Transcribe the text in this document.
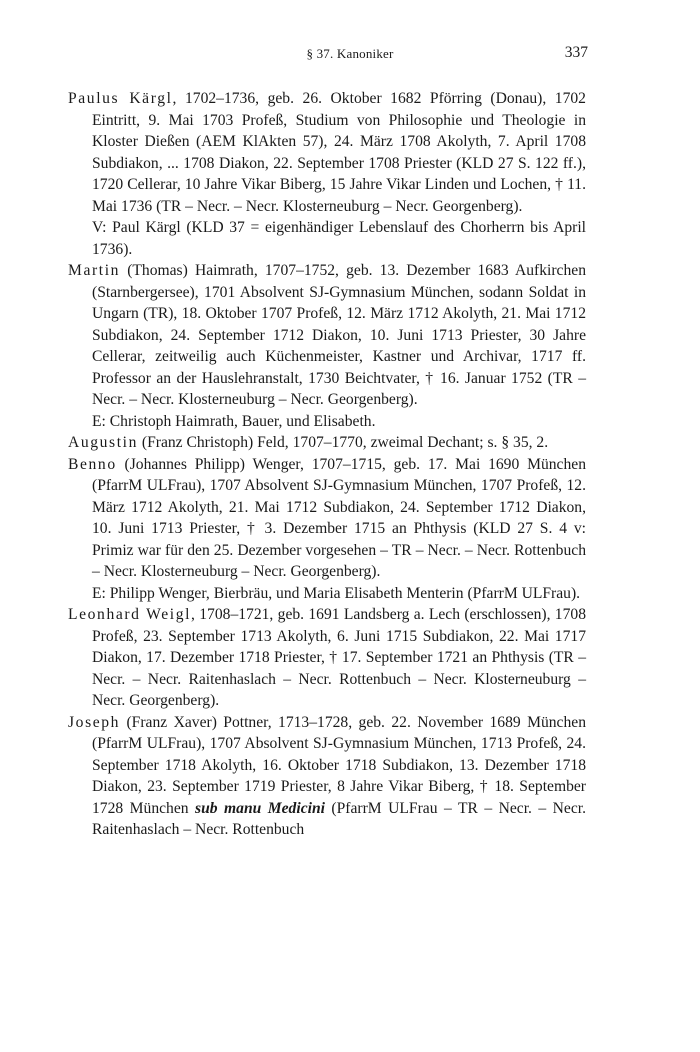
§ 37. Kanoniker	337

Paulus Kärgl, 1702–1736, geb. 26. Oktober 1682 Pförring (Donau), 1702 Eintritt, 9. Mai 1703 Profeß, Studium von Philosophie und Theologie in Kloster Dießen (AEM KlAkten 57), 24. März 1708 Akolyth, 7. April 1708 Subdiakon, ... 1708 Diakon, 22. September 1708 Priester (KLD 27 S. 122 ff.), 1720 Cellerar, 10 Jahre Vikar Biberg, 15 Jahre Vikar Linden und Lochen, † 11. Mai 1736 (TR – Necr. – Necr. Klosterneuburg – Necr. Georgenberg).

V: Paul Kärgl (KLD 37 = eigenhändiger Lebenslauf des Chorherrn bis April 1736).

Martin (Thomas) Haimrath, 1707–1752, geb. 13. Dezember 1683 Aufkirchen (Starnbergersee), 1701 Absolvent SJ-Gymnasium München, sodann Soldat in Ungarn (TR), 18. Oktober 1707 Profeß, 12. März 1712 Akolyth, 21. Mai 1712 Subdiakon, 24. September 1712 Diakon, 10. Juni 1713 Priester, 30 Jahre Cellerar, zeitweilig auch Küchenmeister, Kastner und Archivar, 1717 ff. Professor an der Hauslehranstalt, 1730 Beichtvater, † 16. Januar 1752 (TR – Necr. – Necr. Klosterneuburg – Necr. Georgenberg).

E: Christoph Haimrath, Bauer, und Elisabeth.

Augustin (Franz Christoph) Feld, 1707–1770, zweimal Dechant; s. § 35, 2.

Benno (Johannes Philipp) Wenger, 1707–1715, geb. 17. Mai 1690 München (PfarrM ULFrau), 1707 Absolvent SJ-Gymnasium München, 1707 Profeß, 12. März 1712 Akolyth, 21. Mai 1712 Subdiakon, 24. September 1712 Diakon, 10. Juni 1713 Priester, † 3. Dezember 1715 an Phthysis (KLD 27 S. 4 v: Primiz war für den 25. Dezember vorgesehen – TR – Necr. – Necr. Rottenbuch – Necr. Klosterneuburg – Necr. Georgenberg).

E: Philipp Wenger, Bierbräu, und Maria Elisabeth Menterin (PfarrM ULFrau).

Leonhard Weigl, 1708–1721, geb. 1691 Landsberg a. Lech (erschlossen), 1708 Profeß, 23. September 1713 Akolyth, 6. Juni 1715 Subdiakon, 22. Mai 1717 Diakon, 17. Dezember 1718 Priester, † 17. September 1721 an Phthysis (TR – Necr. – Necr. Raitenhaslach – Necr. Rottenbuch – Necr. Klosterneuburg – Necr. Georgenberg).

Joseph (Franz Xaver) Pottner, 1713–1728, geb. 22. November 1689 München (PfarrM ULFrau), 1707 Absolvent SJ-Gymnasium München, 1713 Profeß, 24. September 1718 Akolyth, 16. Oktober 1718 Subdiakon, 13. Dezember 1718 Diakon, 23. September 1719 Priester, 8 Jahre Vikar Biberg, † 18. September 1728 München sub manu Medicini (PfarrM ULFrau – TR – Necr. – Necr. Raitenhaslach – Necr. Rottenbuch
